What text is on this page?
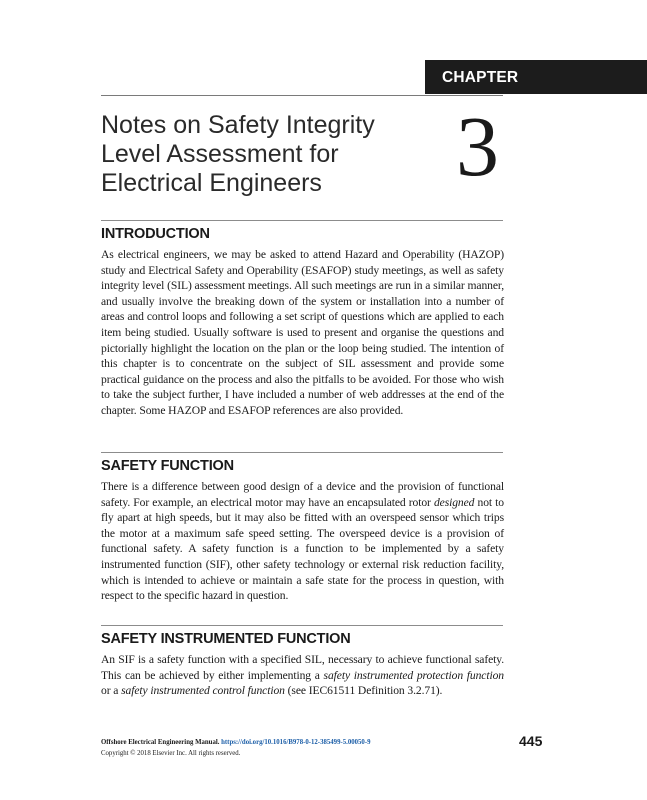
CHAPTER
Notes on Safety Integrity
Level Assessment for
Electrical Engineers	3
INTRODUCTION

As electrical engineers, we may be asked to attend Hazard and Operability (HAZOP) study and Electrical Safety and Operability (ESAFOP) study meetings, as well as safety integrity level (SIL) assessment meetings. All such meetings are run in a similar manner, and usually involve the breaking down of the system or installation into a number of areas and control loops and following a set script of questions which are applied to each item being studied. Usually software is used to present and organise the questions and pictorially highlight the location on the plan or the loop being studied. The intention of this chapter is to concentrate on the subject of SIL assessment and provide some practical guidance on the process and also the pitfalls to be avoided. For those who wish to take the subject further, I have included a number of web addresses at the end of the chapter. Some HAZOP and ESAFOP references are also provided.

SAFETY FUNCTION

There is a difference between good design of a device and the provision of functional safety. For example, an electrical motor may have an encapsulated rotor designed not to fly apart at high speeds, but it may also be fitted with an overspeed sensor which trips the motor at a maximum safe speed setting. The overspeed device is a provision of functional safety. A safety function is a function to be implemented by a safety instrumented function (SIF), other safety technology or external risk reduction facility, which is intended to achieve or maintain a safe state for the process in question, with respect to the specific hazard in question.

SAFETY INSTRUMENTED FUNCTION

An SIF is a safety function with a specified SIL, necessary to achieve functional safety. This can be achieved by either implementing a safety instrumented protection function or a safety instrumented control function (see IEC61511 Definition 3.2.71).

Offshore Electrical Engineering Manual. https://doi.org/10.1016/B978-0-12-385499-5.00050-9
Copyright © 2018 Elsevier Inc. All rights reserved.
445
